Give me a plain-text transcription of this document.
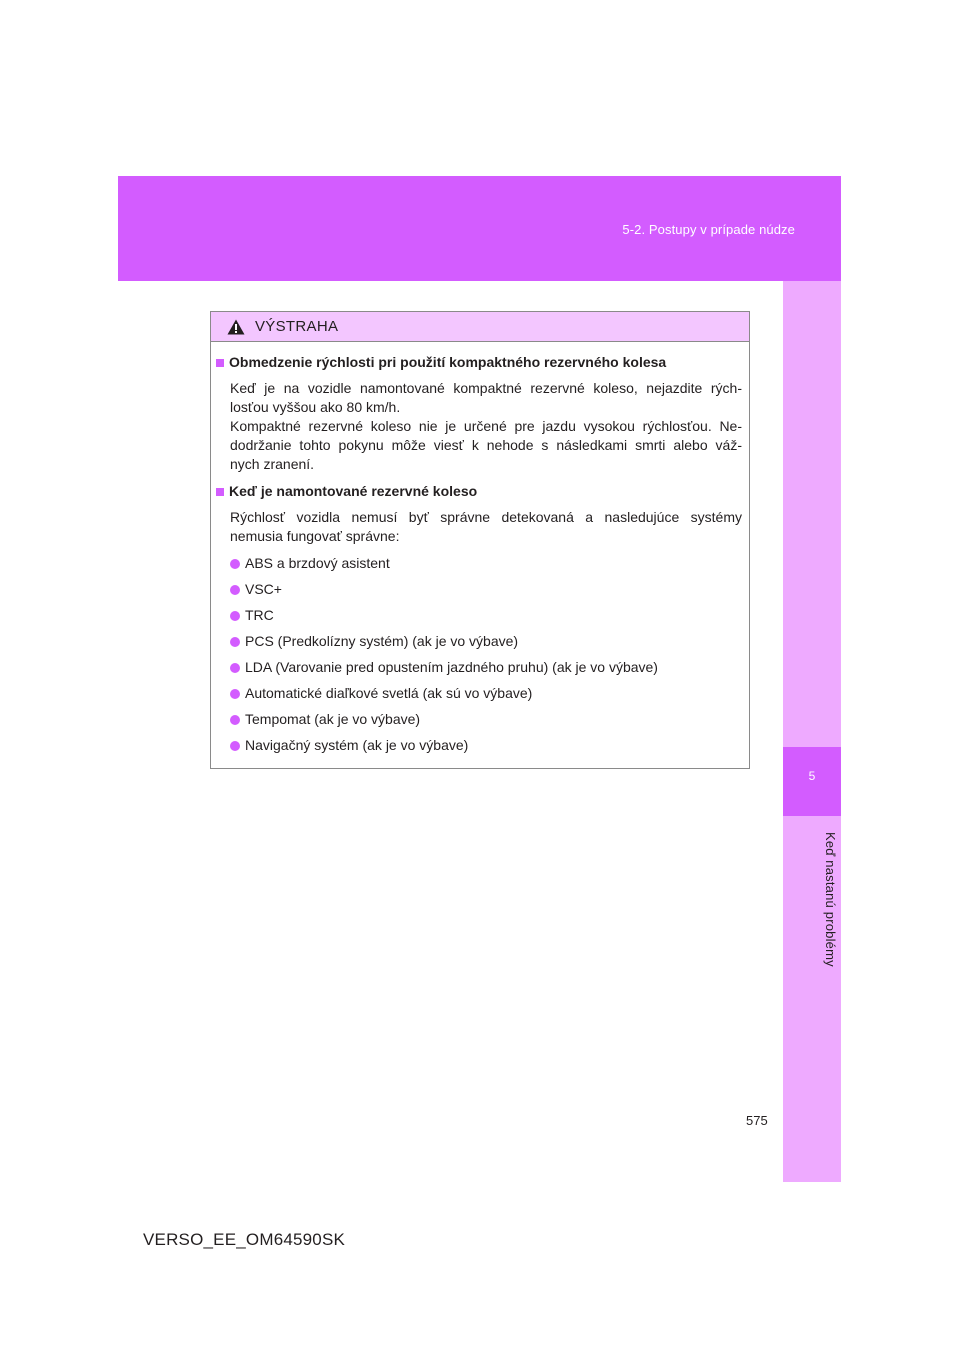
5-2. Postupy v prípade núdze
5
Keď nastanú problémy
VÝSTRAHA
Obmedzenie rýchlosti pri použití kompaktného rezervného kolesa
Keď je na vozidle namontované kompaktné rezervné koleso, nejazdite rých-
losťou vyššou ako 80 km/h.
Kompaktné rezervné koleso nie je určené pre jazdu vysokou rýchlosťou. Ne-
dodržanie tohto pokynu môže viesť k nehode s následkami smrti alebo váž-
nych zranení.
Keď je namontované rezervné koleso
Rýchlosť vozidla nemusí byť správne detekovaná a nasledujúce systémy
nemusia fungovať správne:
ABS a brzdový asistent
VSC+
TRC
PCS (Predkolízny systém) (ak je vo výbave)
LDA (Varovanie pred opustením jazdného pruhu) (ak je vo výbave)
Automatické diaľkové svetlá (ak sú vo výbave)
Tempomat (ak je vo výbave)
Navigačný systém (ak je vo výbave)
575
VERSO_EE_OM64590SK
